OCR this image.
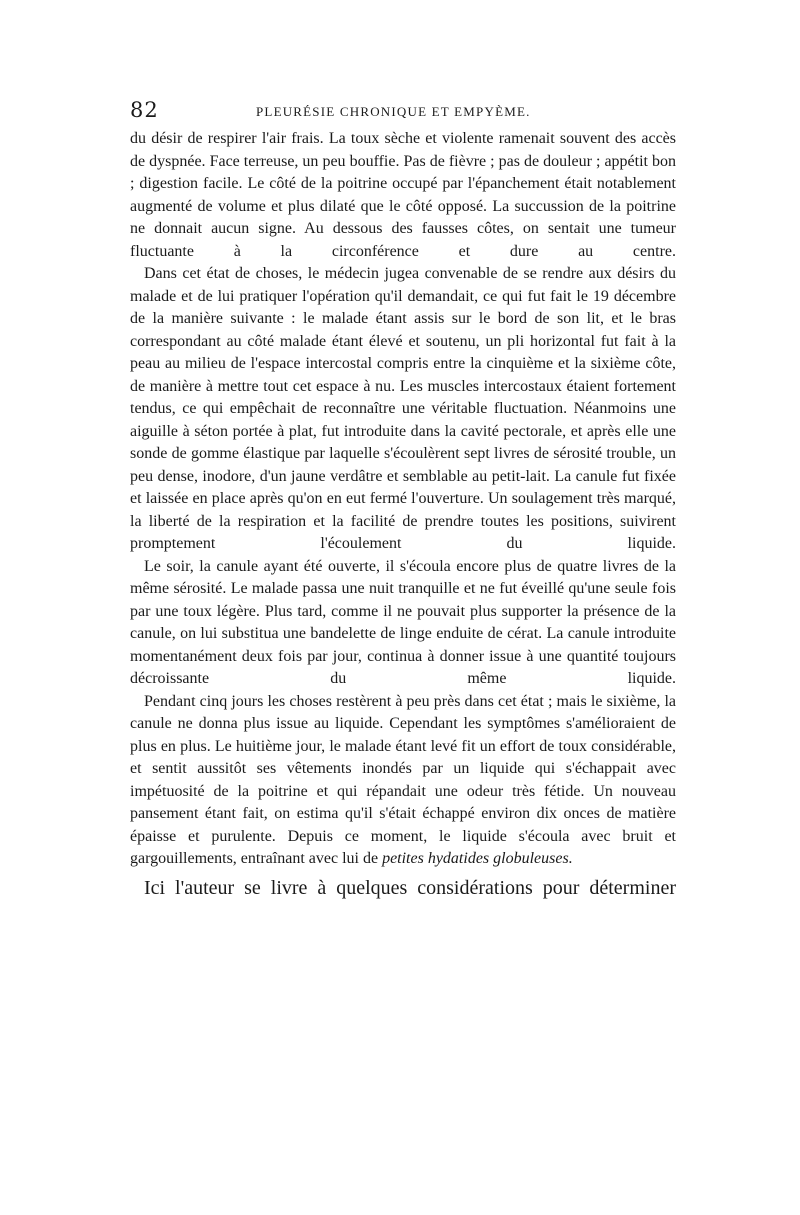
82	PLEURÉSIE CHRONIQUE ET EMPYÈME.

du désir de respirer l'air frais. La toux sèche et violente ramenait souvent des accès de dyspnée. Face terreuse, un peu bouffie. Pas de fièvre ; pas de douleur ; appétit bon ; digestion facile. Le côté de la poitrine occupé par l'épanchement était notablement augmenté de volume et plus dilaté que le côté opposé. La succussion de la poitrine ne donnait aucun signe. Au dessous des fausses côtes, on sentait une tumeur fluctuante à la circonférence et dure au centre.

Dans cet état de choses, le médecin jugea convenable de se rendre aux désirs du malade et de lui pratiquer l'opération qu'il demandait, ce qui fut fait le 19 décembre de la manière suivante : le malade étant assis sur le bord de son lit, et le bras correspondant au côté malade étant élevé et soutenu, un pli horizontal fut fait à la peau au milieu de l'espace intercostal compris entre la cinquième et la sixième côte, de manière à mettre tout cet espace à nu. Les muscles intercostaux étaient fortement tendus, ce qui empêchait de reconnaître une véritable fluctuation. Néanmoins une aiguille à séton portée à plat, fut introduite dans la cavité pectorale, et après elle une sonde de gomme élastique par laquelle s'écoulèrent sept livres de sérosité trouble, un peu dense, inodore, d'un jaune verdâtre et semblable au petit-lait. La canule fut fixée et laissée en place après qu'on en eut fermé l'ouverture. Un soulagement très marqué, la liberté de la respiration et la facilité de prendre toutes les positions, suivirent promptement l'écoulement du liquide.

Le soir, la canule ayant été ouverte, il s'écoula encore plus de quatre livres de la même sérosité. Le malade passa une nuit tranquille et ne fut éveillé qu'une seule fois par une toux légère. Plus tard, comme il ne pouvait plus supporter la présence de la canule, on lui substitua une bandelette de linge enduite de cérat. La canule introduite momentanément deux fois par jour, continua à donner issue à une quantité toujours décroissante du même liquide.

Pendant cinq jours les choses restèrent à peu près dans cet état ; mais le sixième, la canule ne donna plus issue au liquide. Cependant les symptômes s'amélioraient de plus en plus. Le huitième jour, le malade étant levé fit un effort de toux considérable, et sentit aussitôt ses vêtements inondés par un liquide qui s'échappait avec impétuosité de la poitrine et qui répandait une odeur très fétide. Un nouveau pansement étant fait, on estima qu'il s'était échappé environ dix onces de matière épaisse et purulente. Depuis ce moment, le liquide s'écoula avec bruit et gargouillements, entraînant avec lui de petites hydatides globuleuses.

Ici l'auteur se livre à quelques considérations pour déterminer
